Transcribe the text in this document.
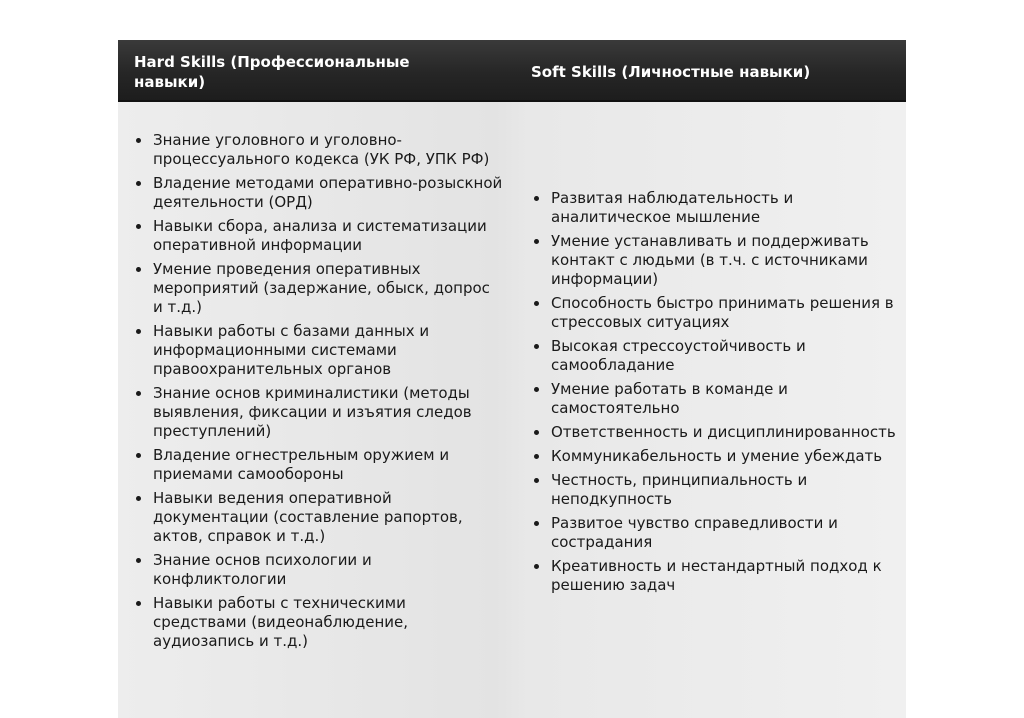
Hard Skills (Профессиональные навыки)
Soft Skills (Личностные навыки)
Знание уголовного и уголовно-процессуального кодекса (УК РФ, УПК РФ)
Владение методами оперативно-розыскной деятельности (ОРД)
Навыки сбора, анализа и систематизации оперативной информации
Умение проведения оперативных мероприятий (задержание, обыск, допрос и т.д.)
Навыки работы с базами данных и информационными системами правоохранительных органов
Знание основ криминалистики (методы выявления, фиксации и изъятия следов преступлений)
Владение огнестрельным оружием и приемами самообороны
Навыки ведения оперативной документации (составление рапортов, актов, справок и т.д.)
Знание основ психологии и конфликтологии
Навыки работы с техническими средствами (видеонаблюдение, аудиозапись и т.д.)
Развитая наблюдательность и аналитическое мышление
Умение устанавливать и поддерживать контакт с людьми (в т.ч. с источниками информации)
Способность быстро принимать решения в стрессовых ситуациях
Высокая стрессоустойчивость и самообладание
Умение работать в команде и самостоятельно
Ответственность и дисциплинированность
Коммуникабельность и умение убеждать
Честность, принципиальность и неподкупность
Развитое чувство справедливости и сострадания
Креативность и нестандартный подход к решению задач
